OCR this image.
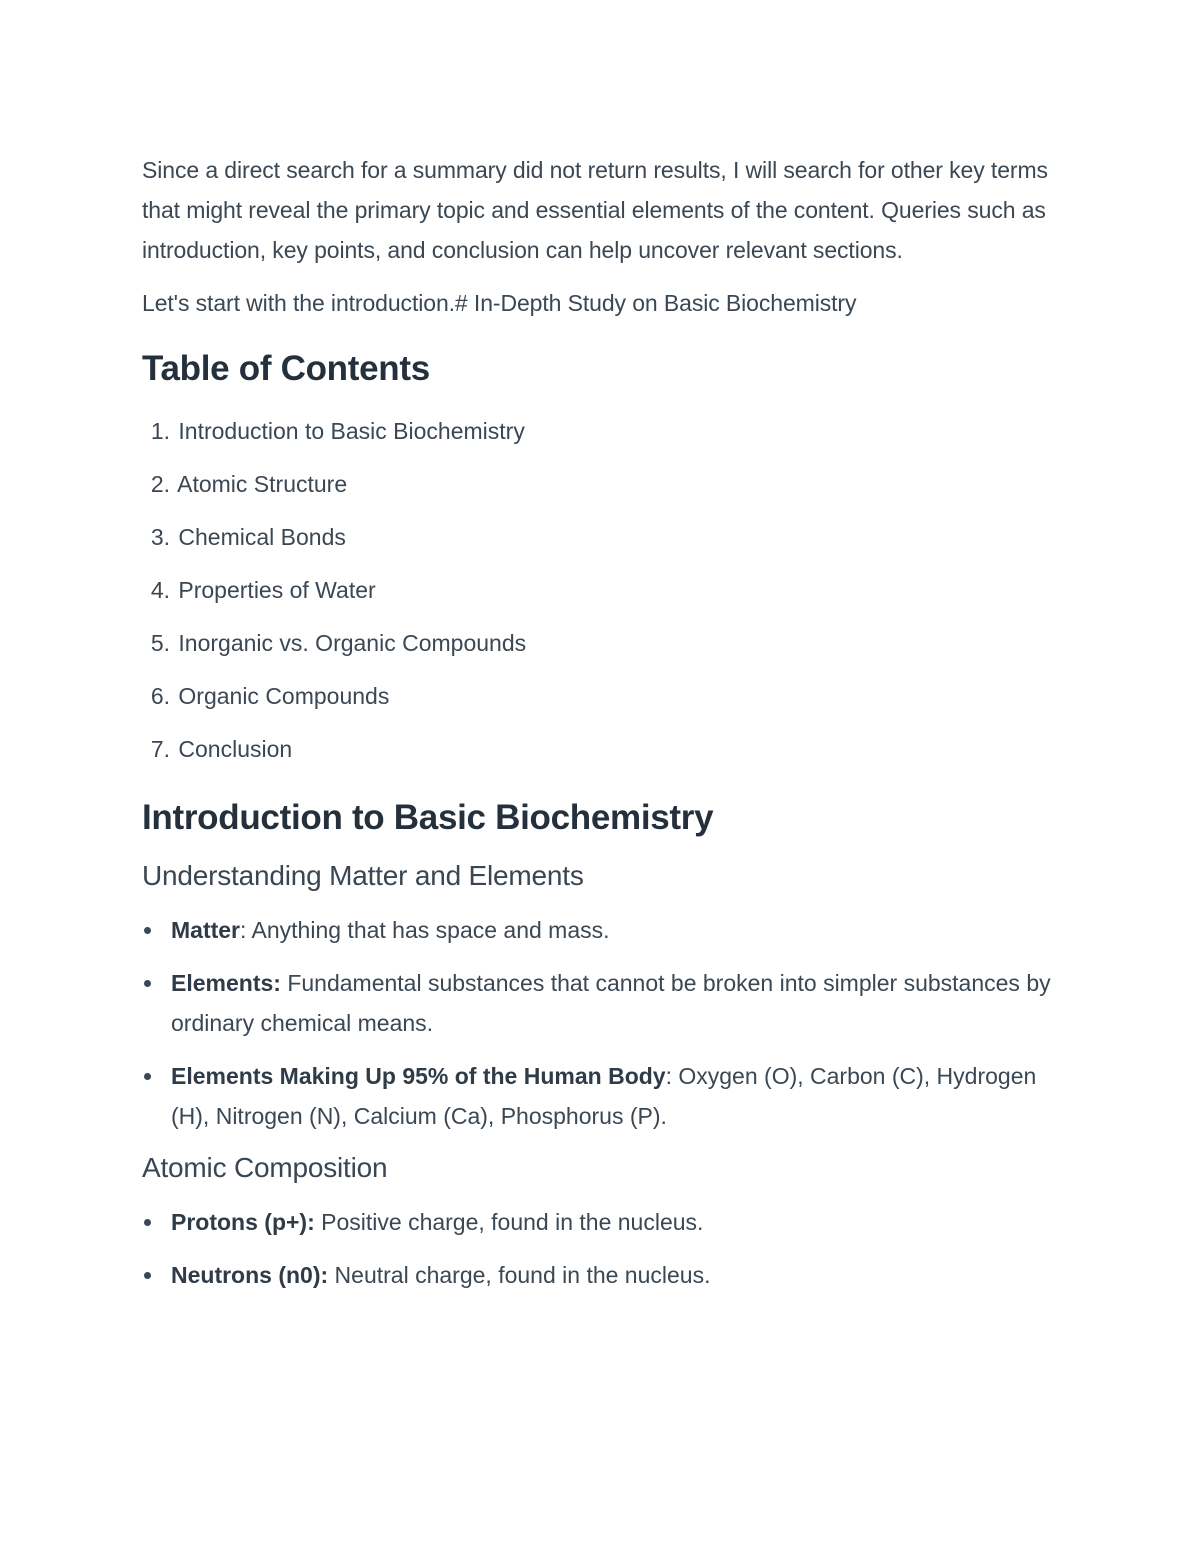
Since a direct search for a summary did not return results, I will search for other key terms that might reveal the primary topic and essential elements of the content. Queries such as introduction, key points, and conclusion can help uncover relevant sections.

Let's start with the introduction.# In-Depth Study on Basic Biochemistry

Table of Contents
1. Introduction to Basic Biochemistry
2. Atomic Structure
3. Chemical Bonds
4. Properties of Water
5. Inorganic vs. Organic Compounds
6. Organic Compounds
7. Conclusion
Introduction to Basic Biochemistry
Understanding Matter and Elements
Matter: Anything that has space and mass.
Elements: Fundamental substances that cannot be broken into simpler substances by ordinary chemical means.
Elements Making Up 95% of the Human Body: Oxygen (O), Carbon (C), Hydrogen (H), Nitrogen (N), Calcium (Ca), Phosphorus (P).
Atomic Composition
Protons (p+): Positive charge, found in the nucleus.
Neutrons (n0): Neutral charge, found in the nucleus.
